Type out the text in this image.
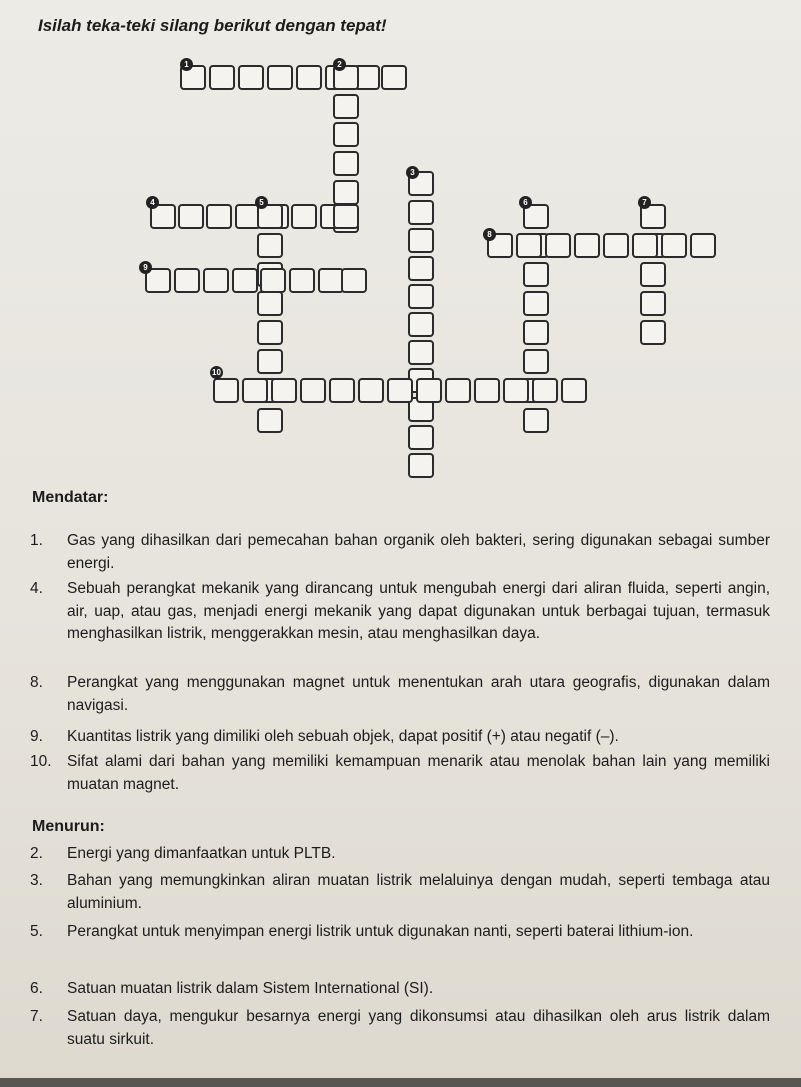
Isilah teka-teki silang berikut dengan tepat!
1	2
3
4	5	6	7
8
9
10
Mendatar:
1.	Gas yang dihasilkan dari pemecahan bahan organik oleh bakteri, sering digunakan sebagai sumber energi.
4.	Sebuah perangkat mekanik yang dirancang untuk mengubah energi dari aliran fluida, seperti angin, air, uap, atau gas, menjadi energi mekanik yang dapat digunakan untuk berbagai tujuan, termasuk menghasilkan listrik, menggerakkan mesin, atau menghasilkan daya.
8.	Perangkat yang menggunakan magnet untuk menentukan arah utara geografis, digunakan dalam navigasi.
9.	Kuantitas listrik yang dimiliki oleh sebuah objek, dapat positif (+) atau negatif (–).
10. Sifat alami dari bahan yang memiliki kemampuan menarik atau menolak bahan lain yang memiliki muatan magnet.
Menurun:
2.	Energi yang dimanfaatkan untuk PLTB.
3.	Bahan yang memungkinkan aliran muatan listrik melaluinya dengan mudah, seperti tembaga atau aluminium.
5.	Perangkat untuk menyimpan energi listrik untuk digunakan nanti, seperti baterai lithium-ion.
6.	Satuan muatan listrik dalam Sistem International (SI).
7.	Satuan daya, mengukur besarnya energi yang dikonsumsi atau dihasilkan oleh arus listrik dalam suatu sirkuit.
